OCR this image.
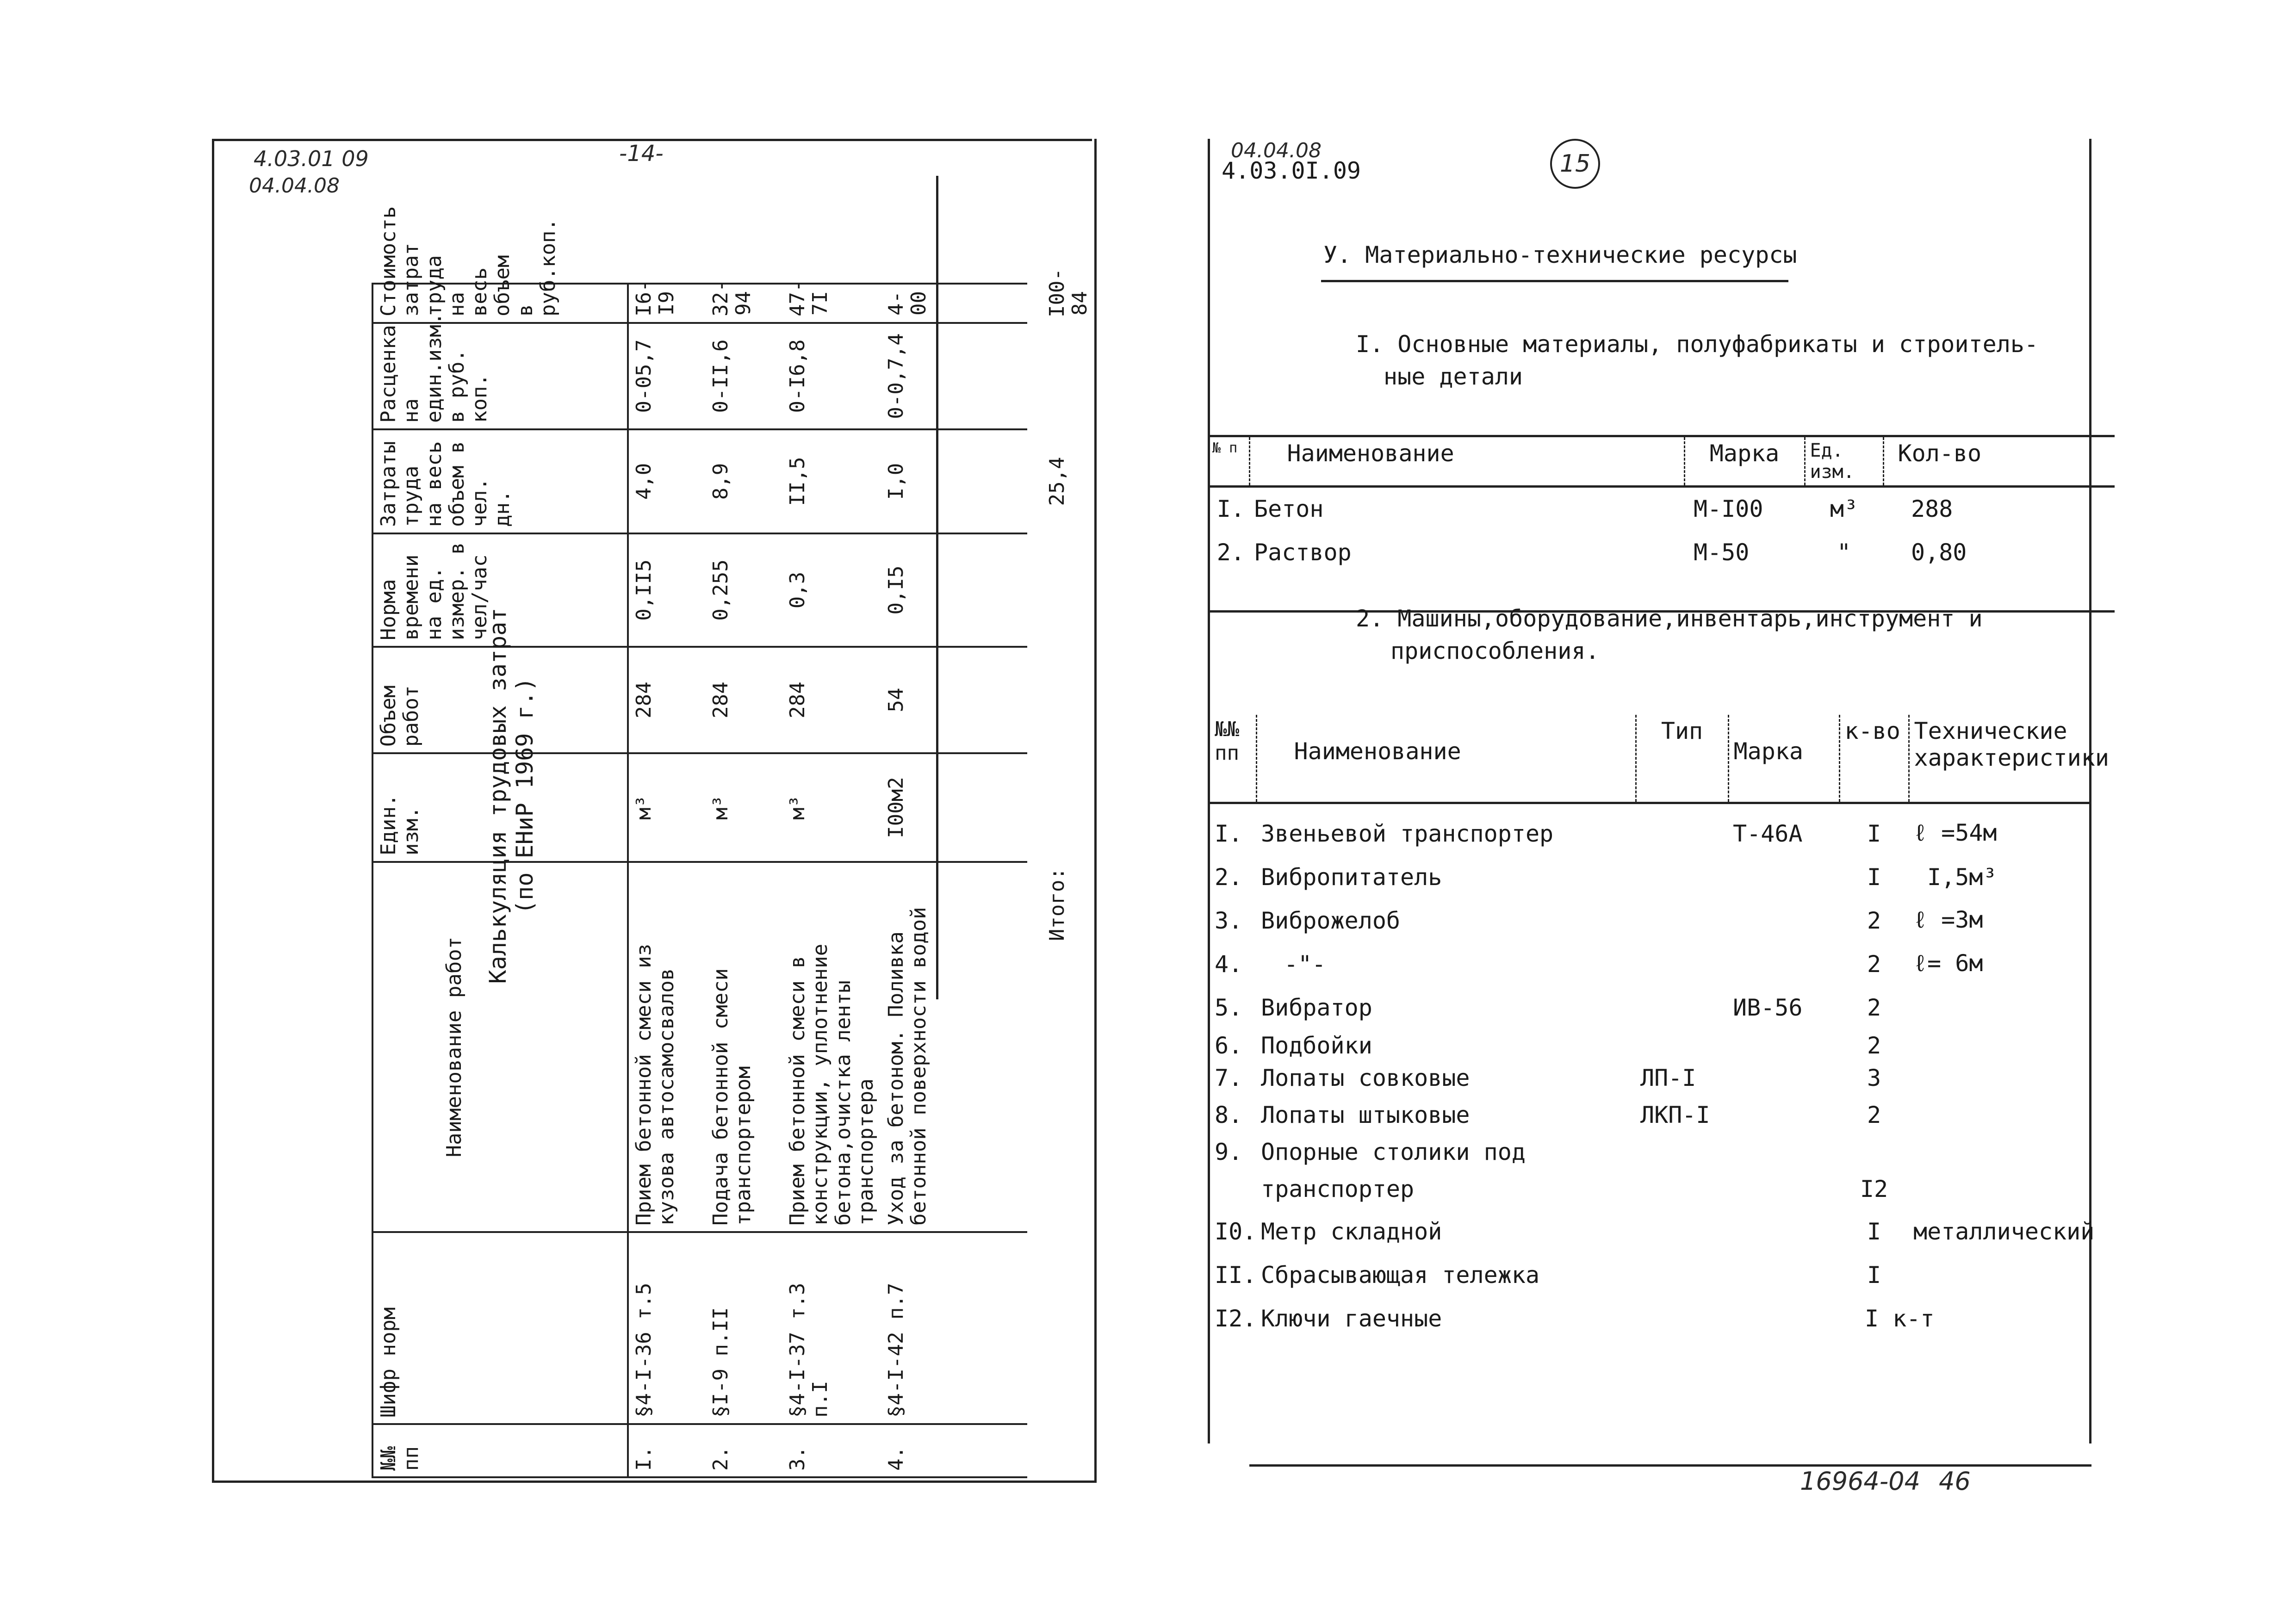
4.03.01 09
04.04.08
-14-
№№ пп	Шифр норм	Наименование работ	Един. изм.	Объем работ	Норма времени на ед. измер. в чел/час	Затраты труда на весь объем в чел. дн.	Расценка на един.изм. в руб. коп.	Стоимость затрат труда на весь объем в руб.коп.
I.	§4-I-36 т.5	Прием бетонной смеси из кузова автосамосвалов	м³	284	0,II5	4,0	0-05,7	I6-I9
2.	§I-9 п.II	Подача бетонной смеси транспортером	м³	284	0,255	8,9	0-II,6	32-94
3.	§4-I-37 т.3 п.I	Прием бетонной смеси в конструкции, уплотнение бетона,очистка ленты транспортера	м³	284	0,3	II,5	0-I6,8	47-7I
4.	§4-I-42 п.7	Уход за бетоном. Поливка бетонной поверхности водой	I00м2	54	0,I5	I,0	0-0,7,4	4-00
		Итого:				25,4		I00-84
Калькуляция трудовых затрат (по ЕНиР 1969 г.)
04.04.08
4.03.0I.09	15
У. Материально-технические ресурсы
I. Основные материалы, полуфабрикаты и строитель-
ные детали
№ п	Наименование	Марка	Ед. изм.	Кол-во
I.	Бетон	М-I00	м³	288
2.	Раствор	М-50	"	0,80

2. Машины,оборудование,инвентарь,инструмент и
приспособления.
№№ пп	Наименование	Тип	Марка	к-во	Технические характеристики

I.	Звеньевой транспортер		Т-46А	I	ℓ =54м
2.	Вибропитатель			I	I,5м³
3.	Виброжелоб			2	ℓ =3м
4.	-"-			2	ℓ= 6м
5.	Вибратор		ИВ-56	2	
6.	Подбойки			2	
7.	Лопаты совковые	ЛП-I		3	
8.	Лопаты штыковые	ЛКП-I		2	
9.	Опорные столики под				
	транспортер			I2	
I0.	Метр складной			I	металлический
II.	Сбрасывающая тележка			I	
I2.	Ключи гаечные			I к-т	
16964-04 46
